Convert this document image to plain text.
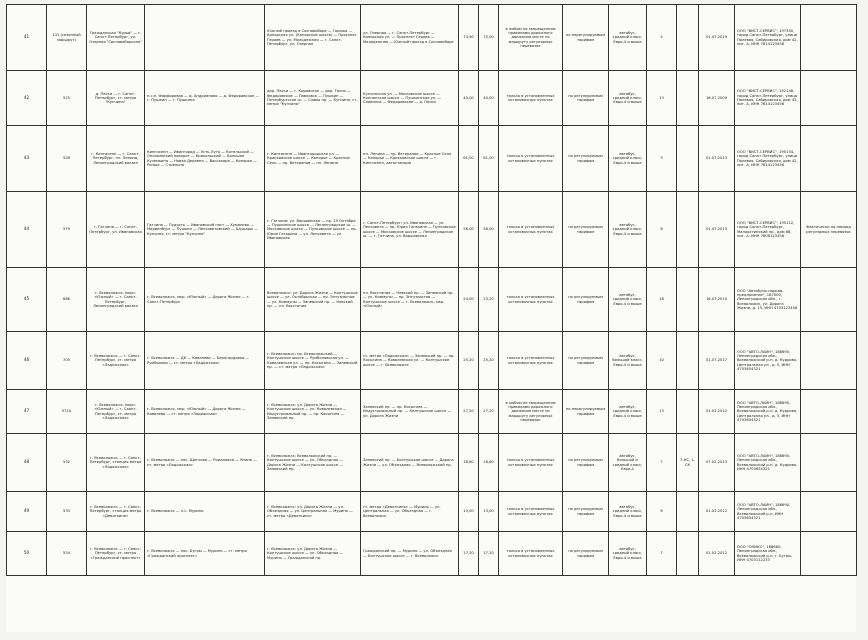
41	131 (сезонный маршрут)	Гражданская "Курьи" — г. Санкт-Петербург, ул. Озерная "Сосновоборская"		Южный проезд в Сосновоборе — Гаража — Копорская ул. (Копорское шоссе) — Проспект Героев — ул. Молодежная — г. Санкт-Петербург, ул. Озерная	ул. Озерная — г. Санкт-Петербург — Копорская ул. — Проспект Героев — Молодежная — Южный проезд в Сосновоборе	74,90	75,00	в любом не запрещенном правилами дорожного движения месте по маршруту регулярных перевозок	по нерегулируемым тарифам	автобус, средний класс, Евро-4 и выше	4		01.07.2019	ООО "ВИСТ-СЕРВИС", 197350, город Санкт-Петербург, улица Полевая, Сабировская, дом 42, лит. А, ИНН 7814123456	
42	525	д. Пески — г. Санкт-Петербург, ст. метро "Купчино"	п.с.п. Фарфоровая — д. Андрианово — д. Федоровское — г. Пушкин — г. Пушкино	дор. Пески — г. Кировское — дор. Тосно — Федоровское — Павловск — Пушкин — Петербургское ш. — Славы пр. — Купчино, ст. метро "Купчино"	Купчинская ул. — Московское шоссе — Колпинское шоссе — Пушкинская ул. — Славянка — Федоровское — д. Пески	40,00	40,00	только в установленных остановочных пунктах	по регулируемым тарифам	автобус, средний класс, Евро-4 и выше	13		16.07.2009	ООО "ВИСТ-СЕРВИС", 192148, город Санкт-Петербург, улица Полевая, Сабировская, дом 42, лит. А, ИНН 7814123456	
43	528	г. Кингисепп — г. Санкт-Петербург, пл. Ленина, Ленинградский вокзал	Кингисепп — Ивангород — Усть-Луга — Котельский — Опольевский поворот — Кракольский — Большое Куземкино — Новая Деревня — Вассакара — Копорье — Ропша — Стрельна	г. Кингисепп — Ивангородская ул. — Крикковское шоссе — Копорье — Красное Село — пр. Ветеранов — пл. Ленина	пл. Ленина — пр. Ветеранов — Красное Село — Копорье — Крикковское шоссе — г. Кингисепп, автостанция	61,00	61,00	только в установленных остановочных пунктах	по регулируемым тарифам	автобус, средний класс, Евро-4 и выше	3		01.07.2013	ООО "ВИСТ-СЕРВИС", 190134, город Санкт-Петербург, улица Полевая, Сабировская, дом 42, лит. А, ИНН 7814123456	
44	579	г. Гатчина — г. Санкт-Петербург, ул. Ивановская	Гатчина — Пудость — Ивановский пост — Хумалово — Мариенбург — Пушкин — Ленсоветовский — Шушары — Купчино, ст. метро "Купчино"	г. Гатчина: ул. Варшавская — пр. 25 Октября — Пушкинское шоссе — Ленинградское ш. — Московское шоссе — Пулковское шоссе — пр. Юрия Гагарина — ул. Ленсовета — ул. Ивановская	г. Санкт-Петербург: ул. Ивановская — ул. Ленсовета — пр. Юрия Гагарина — Пулковское шоссе — Московское шоссе — Ленинградское ш. — г. Гатчина, ул. Варшавская	56,00	56,00	только в установленных остановочных пунктах	по регулируемым тарифам	автобус, средний класс, Евро-4 и выше	8		01.07.2015	ООО "ВИСТ-СЕРВИС", 195112, город Санкт-Петербург, Малоохтинский пр., дом 68, лит. А, ИНН 7806123456	Фактически на период регулярных перевозок
45	686	г. Всеволожск, мкрн. «Южный» — г. Санкт-Петербург, Ленинградский вокзал	г. Всеволожск, мкр. «Южный» — Дорога Жизни — г. Санкт-Петербург	Всеволожск: ул. Дорога Жизни — Колтушское шоссе — ул. Октябрьская — пр. Энтузиастов — ул. Коммуны — Заневский пр. — Невский пр. — пл. Восстания	пл. Восстания — Невский пр. — Заневский пр. — ул. Коммуны — пр. Энтузиастов — Колтушское шоссе — г. Всеволожск, мкр. «Южный»	24,00	23,20	только в установленных остановочных пунктах	по регулируемым тарифам	автобус, средний класс, Евро-4 и выше	18		16.07.2010	ООО "Автобусы-парков-предприятие", 187000, Ленинградская обл., г. Всеволожск, ул. Дорога Жизни, д. 15, ИНН 4703123456	
46	705	г. Всеволожск — г. Санкт-Петербург, ст. метро «Ладожская»	г. Всеволожск — ДК — Ковалево — Бернгардовка — Румболово — ст. метро «Ладожская»	г. Всеволожск: пр. Всеволожский — Колтушское шоссе — Румболовская ул. — Ковалевская ул. — пр. Косыгина — Заневский пр. — ст. метро «Ладожская»	ст. метро «Ладожская» — Заневский пр. — пр. Косыгина — Ковалевская ул. — Колтушское шоссе — г. Всеволожск	25,20	25,20	только в установленных остановочных пунктах	по регулируемым тарифам	автобус, большой класс, Евро-4 и выше	10		01.07.2017	ООО "АВТО-ЛАЙН", 188690, Ленинградская обл., Всеволожский р-н, д. Кудрово, Центральная ул., д. 5, ИНН 4703654321	
47	571А	г. Всеволожск, мкрн. «Южный» — г. Санкт-Петербург, ст. метро «Ладожская»	г. Всеволожск, мкр. «Южный» — Дорога Жизни — Ковалево — ст. метро «Ладожская»	г. Всеволожск: ул. Дорога Жизни — Колтушское шоссе — ул. Ковалевская — Индустриальный пр. — пр. Косыгина — Заневский пр.	Заневский пр. — пр. Косыгина — Индустриальный пр. — Колтушское шоссе — ул. Дорога Жизни	27,20	27,20	в любом не запрещенном правилами дорожного движения месте по маршруту регулярных перевозок	по нерегулируемым тарифам	автобус, средний класс, Евро-4 и выше	13		01.02.2012	ООО "АВТО-ЛАЙН", 188690, Ленинградская обл., Всеволожский р-н, д. Кудрово, Центральная ул., д. 5, ИНН 4703654321	
48	532	г. Всеволожск — г. Санкт-Петербург, станция метро «Ладожская»	г. Всеволожск — пос. Щеглово — Романовка — Янино — ст. метро «Ладожская»	г. Всеволожск: Всеволожский пр. — Колтушское шоссе — ул. Объездная — Дорога Жизни — Колтушское шоссе — Заневский пр.	Заневский пр. — Колтушское шоссе — Дорога Жизни — ул. Объездная — Всеволожский пр.	18,60	18,60	только в установленных остановочных пунктах	по регулируемым тарифам	автобус, большой и средний класс, Евро-4	7	7-НС, 1-СК	07.02.2013	ООО "АВТО-ЛАЙН", 188690, Ленинградская обл., Всеволожский р-н, д. Кудрово, ИНН 4703654321	
49	533	г. Всеволожск — г. Санкт-Петербург, станция метро «Девяткино»	г. Всеволожск — п.с. Мурино	г. Всеволожск: ул. Дорога Жизни — ул. Объездная — ул. Центральная — Мурино — ст. метро «Девяткино»	ст. метро «Девяткино» — Мурино — ул. Центральная — ул. Объездная — г. Всеволожск	13,00	13,00	только в установленных остановочных пунктах	по регулируемым тарифам	автобус, средний класс, Евро-4 и выше	6		01.02.2012	ООО "АВТО-ЛАЙН", 188690, Ленинградская обл., Всеволожский р-н, ИНН 4703654321	
50	534	г. Всеволожск — г. Санкт-Петербург, ст. метро «Гражданский проспект»	г. Всеволожск — пос. Бугры — Мурино — ст. метро «Гражданский проспект»	г. Всеволожск: ул. Дорога Жизни — Колтушское шоссе — ул. Объездная — Мурино — Гражданский пр.	Гражданский пр. — Мурино — ул. Объездная — Колтушское шоссе — г. Всеволожск	17,20	17,20	только в установленных остановочных пунктах	по регулируемым тарифам	автобус, средний класс, Евро-4 и выше	7		01.02.2012	ООО "ОНИКС", 188660, Ленинградская обл., Всеволожский р-н, г. Бугры, ИНН 4703112233	
